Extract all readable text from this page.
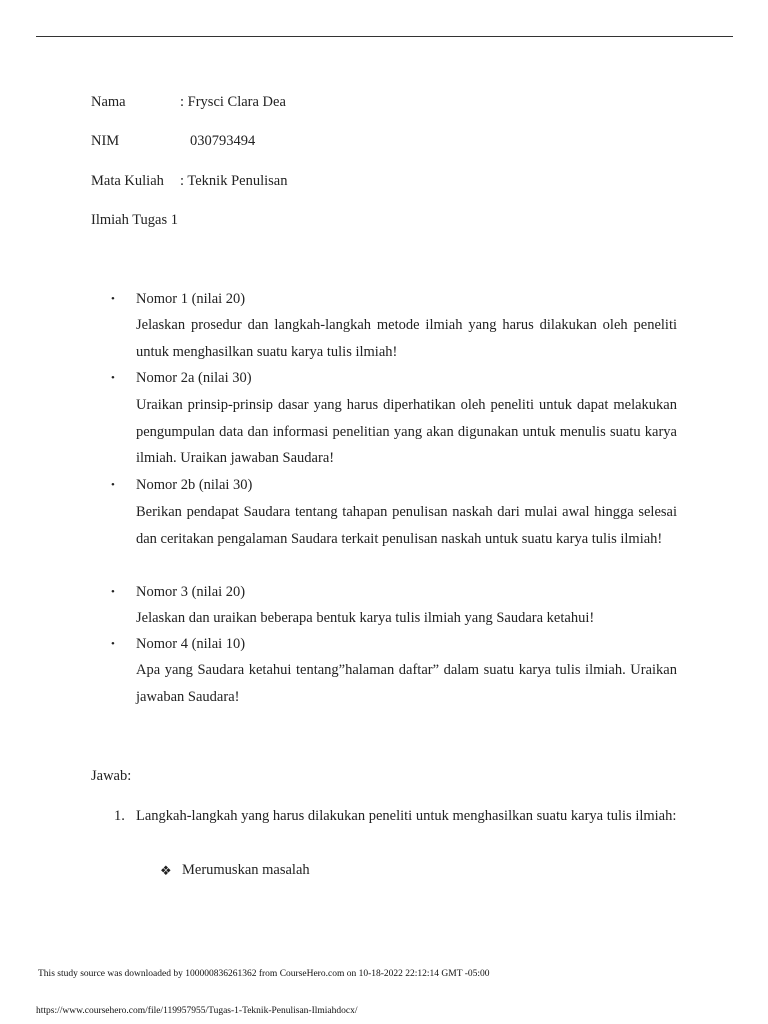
Nama	: Frysci Clara Dea
NIM	030793494
Mata Kuliah : Teknik Penulisan
Ilmiah Tugas 1
• Nomor 1 (nilai 20)
Jelaskan prosedur dan langkah-langkah metode ilmiah yang harus dilakukan oleh peneliti untuk menghasilkan suatu karya tulis ilmiah!
• Nomor 2a (nilai 30)
Uraikan prinsip-prinsip dasar yang harus diperhatikan oleh peneliti untuk dapat melakukan pengumpulan data dan informasi penelitian yang akan digunakan untuk menulis suatu karya ilmiah. Uraikan jawaban Saudara!
• Nomor 2b (nilai 30)
Berikan pendapat Saudara tentang tahapan penulisan naskah dari mulai awal hingga selesai dan ceritakan pengalaman Saudara terkait penulisan naskah untuk suatu karya tulis ilmiah!
• Nomor 3 (nilai 20)
Jelaskan dan uraikan beberapa bentuk karya tulis ilmiah yang Saudara ketahui!
• Nomor 4 (nilai 10)
Apa yang Saudara ketahui tentang”halaman daftar” dalam suatu karya tulis ilmiah. Uraikan jawaban Saudara!
Jawab:
1. Langkah-langkah yang harus dilakukan peneliti untuk menghasilkan suatu karya tulis ilmiah:
❖ Merumuskan masalah
This study source was downloaded by 100000836261362 from CourseHero.com on 10-18-2022 22:12:14 GMT -05:00
https://www.coursehero.com/file/119957955/Tugas-1-Teknik-Penulisan-Ilmiahdocx/
